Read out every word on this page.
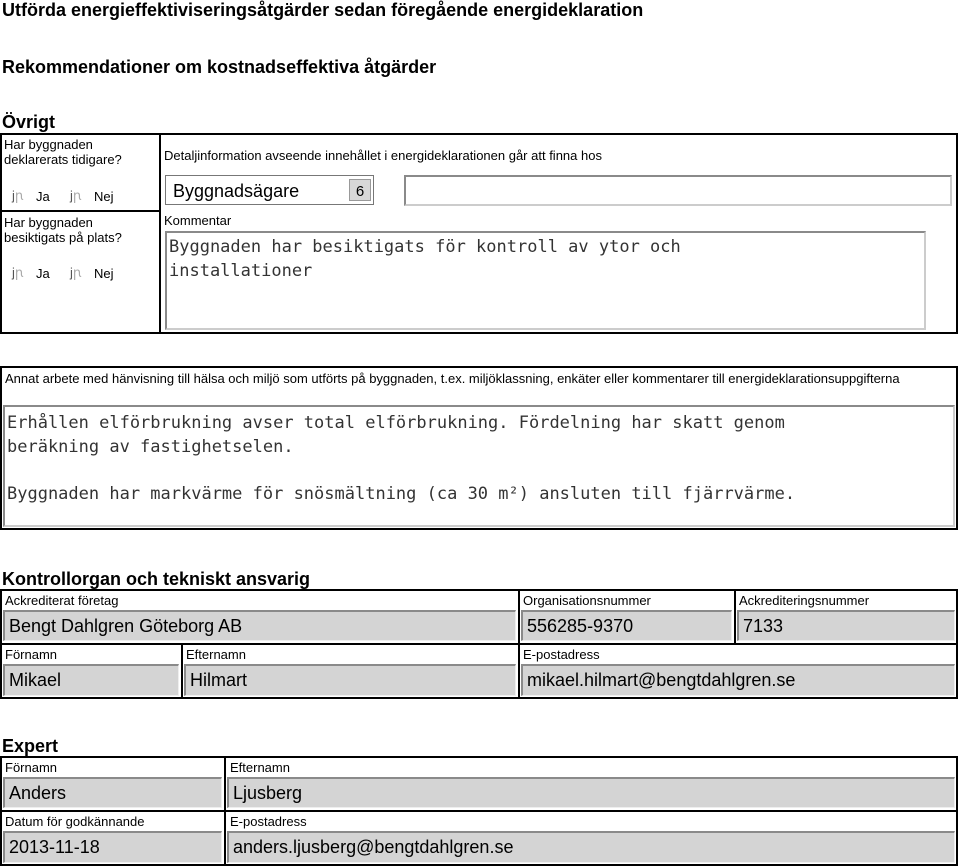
Utförda energieffektiviseringsåtgärder sedan föregående energideklaration
Rekommendationer om kostnadseffektiva åtgärder
Övrigt
Har byggnaden deklarerats tidigare?
jꞃ Ja jꞃ Nej
Har byggnaden besiktigats på plats?
jꞃ Ja jꞃ Nej
Detaljinformation avseende innehållet i energideklarationen går att finna hos
Byggnadsägare	6
Kommentar
Byggnaden har besiktigats för kontroll av ytor och
installationer
Annat arbete med hänvisning till hälsa och miljö som utförts på byggnaden, t.ex. miljöklassning, enkäter eller kommentarer till energideklarationsuppgifterna
Erhållen elförbrukning avser total elförbrukning. Fördelning har skatt genom
beräkning av fastighetselen.
Byggnaden har markvärme för snösmältning (ca 30 m²) ansluten till fjärrvärme.
Kontrollorgan och tekniskt ansvarig
Ackrediterat företag
Bengt Dahlgren Göteborg AB
Organisationsnummer
556285-9370
Ackrediteringsnummer
7133
Förnamn
Mikael
Efternamn
Hilmart
E-postadress
mikael.hilmart@bengtdahlgren.se
Expert
Förnamn
Anders
Efternamn
Ljusberg
Datum för godkännande
2013-11-18
E-postadress
anders.ljusberg@bengtdahlgren.se
